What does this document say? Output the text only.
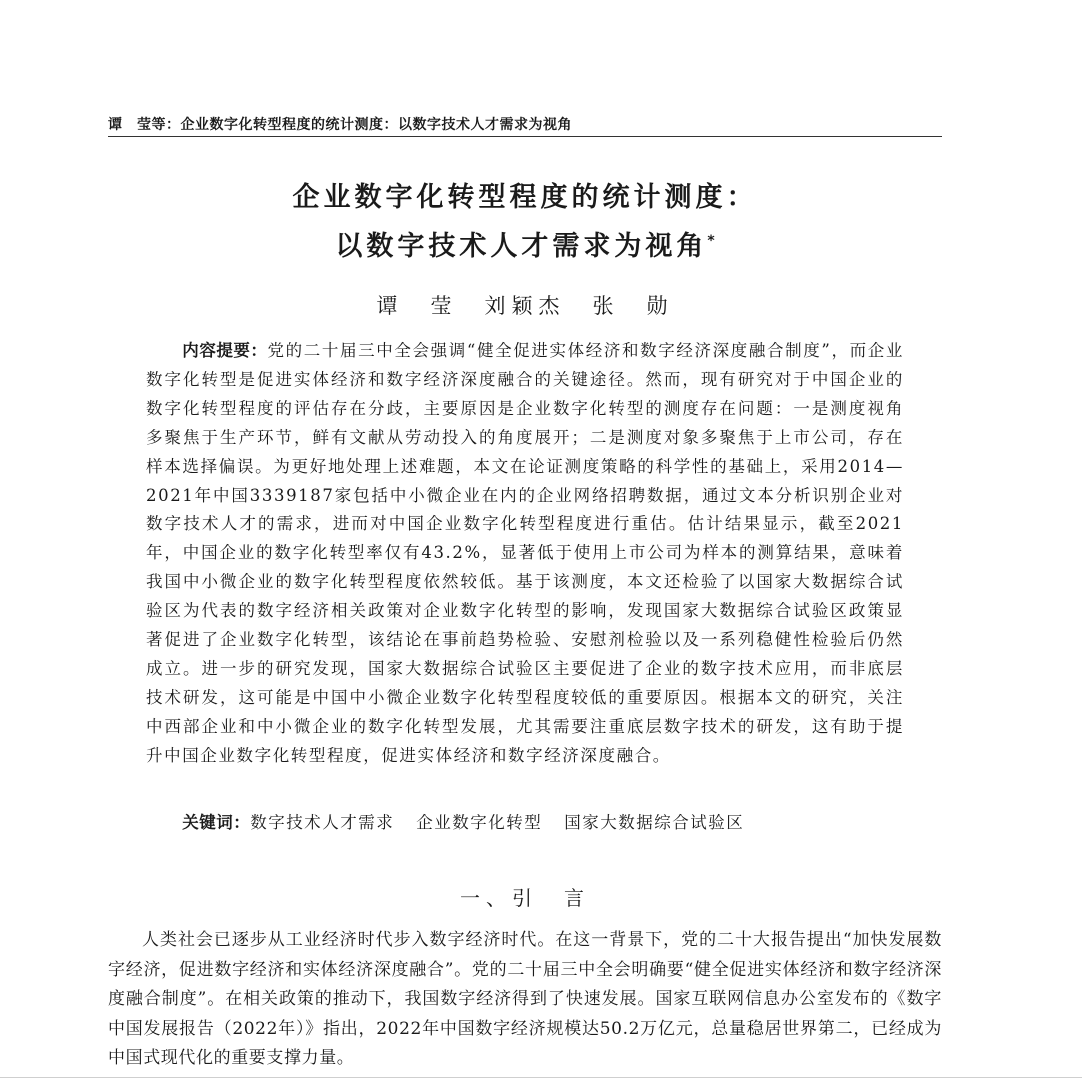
谭　莹等：企业数字化转型程度的统计测度：以数字技术人才需求为视角
企业数字化转型程度的统计测度：
以数字技术人才需求为视角*
谭　莹　刘颖杰　张　勋

内容提要：党的二十届三中全会强调“健全促进实体经济和数字经济深度融合制度”，而企业数字化转型是促进实体经济和数字经济深度融合的关键途径。然而，现有研究对于中国企业的数字化转型程度的评估存在分歧，主要原因是企业数字化转型的测度存在问题：一是测度视角多聚焦于生产环节，鲜有文献从劳动投入的角度展开；二是测度对象多聚焦于上市公司，存在样本选择偏误。为更好地处理上述难题，本文在论证测度策略的科学性的基础上，采用2014—2021年中国3339187家包括中小微企业在内的企业网络招聘数据，通过文本分析识别企业对数字技术人才的需求，进而对中国企业数字化转型程度进行重估。估计结果显示，截至2021年，中国企业的数字化转型率仅有43.2%，显著低于使用上市公司为样本的测算结果，意味着我国中小微企业的数字化转型程度依然较低。基于该测度，本文还检验了以国家大数据综合试验区为代表的数字经济相关政策对企业数字化转型的影响，发现国家大数据综合试验区政策显著促进了企业数字化转型，该结论在事前趋势检验、安慰剂检验以及一系列稳健性检验后仍然成立。进一步的研究发现，国家大数据综合试验区主要促进了企业的数字技术应用，而非底层技术研发，这可能是中国中小微企业数字化转型程度较低的重要原因。根据本文的研究，关注中西部企业和中小微企业的数字化转型发展，尤其需要注重底层数字技术的研发，这有助于提升中国企业数字化转型程度，促进实体经济和数字经济深度融合。

关键词：数字技术人才需求 企业数字化转型 国家大数据综合试验区
一、引　言

人类社会已逐步从工业经济时代步入数字经济时代。在这一背景下，党的二十大报告提出“加快发展数字经济，促进数字经济和实体经济深度融合”。党的二十届三中全会明确要“健全促进实体经济和数字经济深度融合制度”。在相关政策的推动下，我国数字经济得到了快速发展。国家互联网信息办公室发布的《数字中国发展报告（2022年）》指出，2022年中国数字经济规模达50.2万亿元，总量稳居世界第二，已经成为中国式现代化的重要支撑力量。
